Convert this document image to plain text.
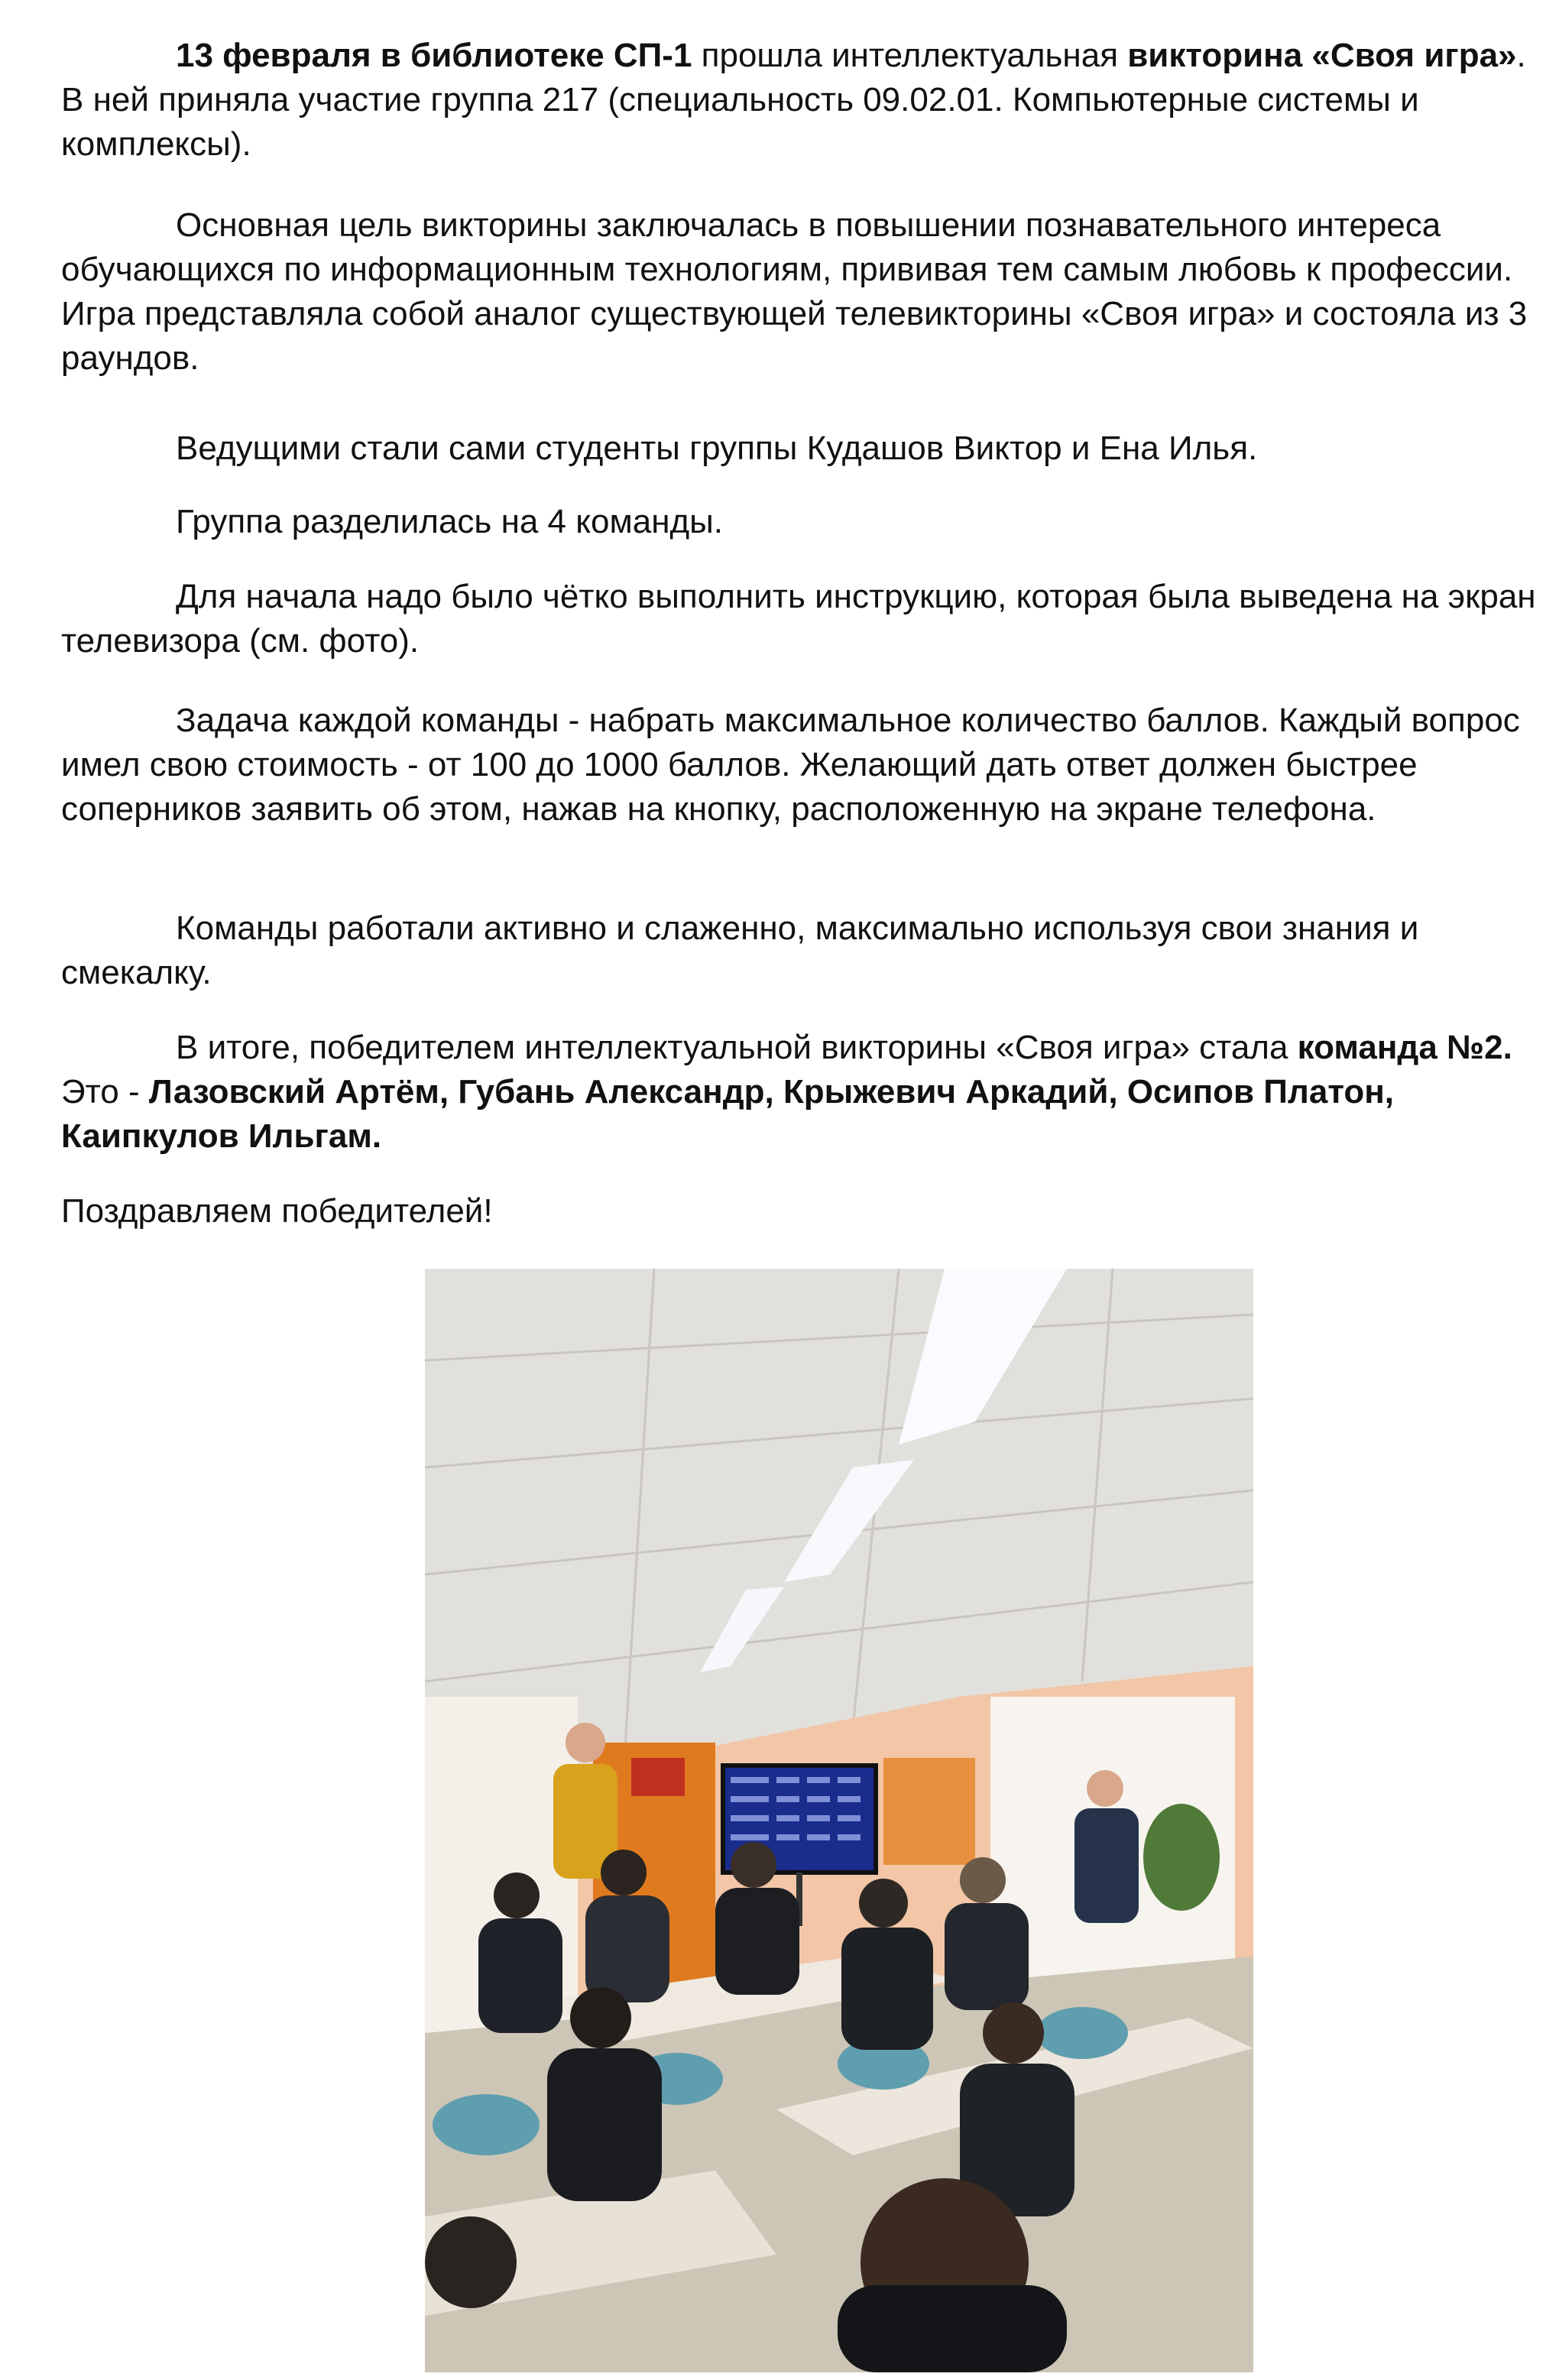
13 февраля в библиотеке СП-1 прошла интеллектуальная викторина «Своя игра». В ней приняла участие группа 217 (специальность 09.02.01. Компьютерные системы и комплексы).

Основная цель викторины заключалась в повышении познавательного интереса обучающихся по информационным технологиям, прививая тем самым любовь к профессии. Игра представляла собой аналог существующей телевикторины «Своя игра» и состояла из 3 раундов.

Ведущими стали сами студенты группы Кудашов Виктор и Ена Илья.

Группа разделилась на 4 команды.

Для начала надо было чётко выполнить инструкцию, которая была выведена на экран телевизора (см. фото).

Задача каждой команды - набрать максимальное количество баллов. Каждый вопрос имел свою стоимость - от 100 до 1000 баллов. Желающий дать ответ должен быстрее соперников заявить об этом, нажав на кнопку, расположенную на экране телефона.

Команды работали активно и слаженно, максимально используя свои знания и смекалку.

В итоге, победителем интеллектуальной викторины «Своя игра» стала команда №2. Это - Лазовский Артём, Губань Александр, Крыжевич Аркадий, Осипов Платон, Каипкулов Ильгам.

Поздравляем победителей!
